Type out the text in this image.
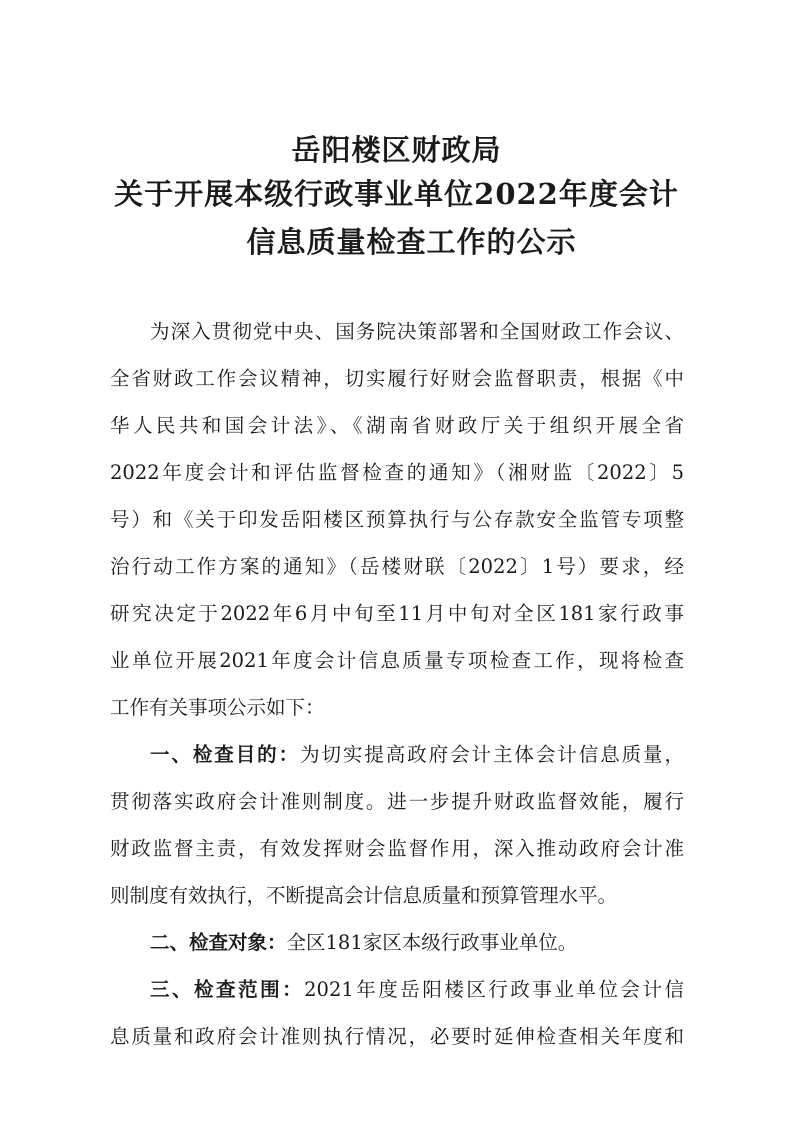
岳阳楼区财政局
关于开展本级行政事业单位2022年度会计
信息质量检查工作的公示
为深入贯彻党中央、国务院决策部署和全国财政工作会议、
全省财政工作会议精神，切实履行好财会监督职责，根据《中
华人民共和国会计法》、《湖南省财政厅关于组织开展全省
2022年度会计和评估监督检查的通知》（湘财监〔2022〕5
号）和《关于印发岳阳楼区预算执行与公存款安全监管专项整
治行动工作方案的通知》（岳楼财联〔2022〕1号）要求，经
研究决定于2022年6月中旬至11月中旬对全区181家行政事
业单位开展2021年度会计信息质量专项检查工作，现将检查
工作有关事项公示如下：
一、检查目的：为切实提高政府会计主体会计信息质量，
贯彻落实政府会计准则制度。进一步提升财政监督效能，履行
财政监督主责，有效发挥财会监督作用，深入推动政府会计准
则制度有效执行，不断提高会计信息质量和预算管理水平。
二、检查对象：全区181家区本级行政事业单位。
三、检查范围：2021年度岳阳楼区行政事业单位会计信
息质量和政府会计准则执行情况，必要时延伸检查相关年度和
